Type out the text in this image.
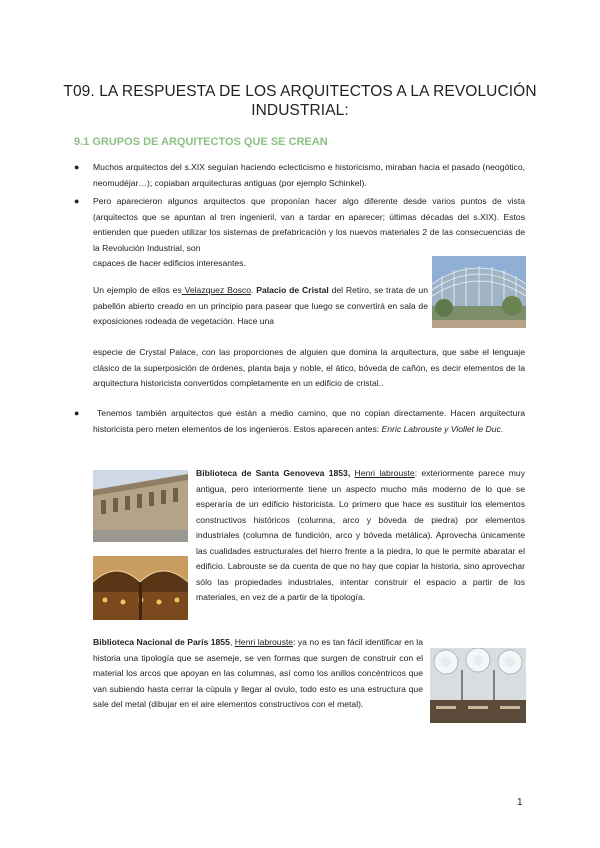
T09. LA RESPUESTA DE LOS ARQUITECTOS A LA REVOLUCIÓN INDUSTRIAL:
9.1 GRUPOS DE ARQUITECTOS QUE SE CREAN
● Muchos arquitectos del s.XIX seguían haciendo eclecticismo e historicismo, miraban hacia el pasado (neogótico, neomudéjar…); copiaban arquitecturas antiguas (por ejemplo Schinkel).
● Pero aparecieron algunos arquitectos que proponían hacer algo diferente desde varios puntos de vista (arquitectos que se apuntan al tren ingenieril, van a tardar en aparecer; últimas décadas del s.XIX). Estos entienden que pueden utilizar los sistemas de prefabricación y los nuevos materiales 2 de las consecuencias de la Revolución Industrial, son
capaces de hacer edificios interesantes.
Un ejemplo de ellos es Velazquez Bosco. Palacio de Cristal del Retiro, se trata de un pabellón abierto creado en un principio para pasear que luego se convertirá en sala de exposiciones rodeada de vegetación. Hace una
especie de Crystal Palace, con las proporciones de alguien que domina la arquitectura, que sabe el lenguaje clásico de la superposición de órdenes, planta baja y noble, el ático, bóveda de cañón, es decir elementos de la arquitectura historicista convertidos completamente en un edificio de cristal..
●	Tenemos también arquitectos que están a medio camino, que no copian directamente. Hacen arquitectura historicista pero meten elementos de los ingenieros. Estos aparecen antes: Enric Labrouste y Viollet le Duc.
Biblioteca de Santa Genoveva 1853, Henri labrouste: exteriormente parece muy antigua, pero interiormente tiene un aspecto mucho más moderno de lo que se esperaría de un edificio historicista. Lo primero que hace es sustituir los elementos constructivos históricos (columna, arco y bóveda de piedra) por elementos industriales (columna de fundición, arco y bóveda metálica). Aprovecha únicamente las cualidades estructurales del hierro frente a la piedra, lo que le permite abaratar el edificio. Labrouste se da cuenta de que no hay que copiar la historia, sino aprovechar sólo las propiedades industriales, intentar construir el espacio a partir de los materiales, en vez de a partir de la tipología.
Biblioteca Nacional de París 1855, Henri labrouste: ya no es tan fácil identificar en la historia una tipología que se asemeje, se ven formas que surgen de construir con el material los arcos que apoyan en las columnas, así como los anillos concéntricos que van subiendo hasta cerrar la cúpula y llegar al ovulo, todo esto es una estructura que sale del metal (dibujar en el aire elementos constructivos con el metal).
1
